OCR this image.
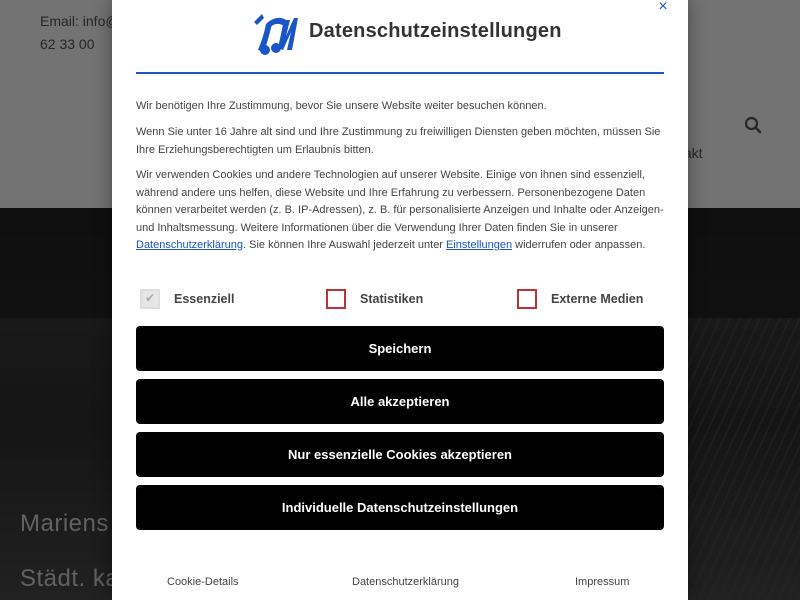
×
Datenschutzeinstellungen

Wir benötigen Ihre Zustimmung, bevor Sie unsere Website weiter besuchen können.

Wenn Sie unter 16 Jahre alt sind und Ihre Zustimmung zu freiwilligen Diensten geben möchten, müssen Sie Ihre Erziehungsberechtigten um Erlaubnis bitten.

Wir verwenden Cookies und andere Technologien auf unserer Website. Einige von ihnen sind essenziell, während andere uns helfen, diese Website und Ihre Erfahrung zu verbessern. Personenbezogene Daten können verarbeitet werden (z. B. IP-Adressen), z. B. für personalisierte Anzeigen und Inhalte oder Anzeigen- und Inhaltsmessung. Weitere Informationen über die Verwendung Ihrer Daten finden Sie in unserer Datenschutzerklärung. Sie können Ihre Auswahl jederzeit unter Einstellungen widerrufen oder anpassen.

✔
Essenziell	Statistiken	Externe Medien
Speichern
Alle akzeptieren
Nur essenzielle Cookies akzeptieren
Individuelle Datenschutzeinstellungen
Cookie-Details	Datenschutzerklärung	Impressum
